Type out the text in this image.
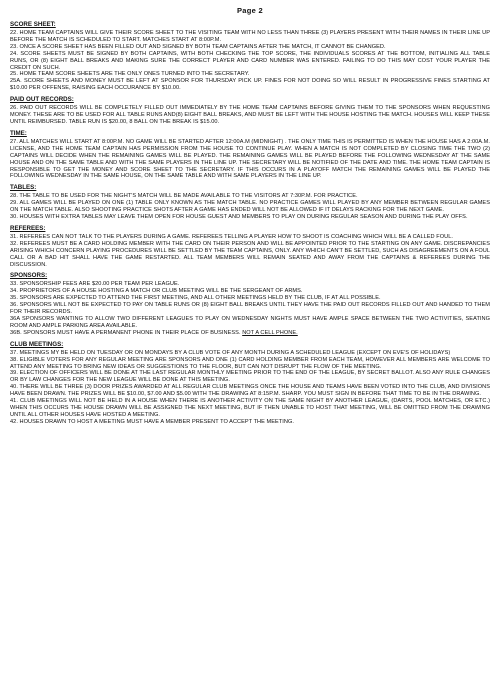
Page 2
SCORE SHEET:

22. HOME TEAM CAPTAINS WILL GIVE THEIR SCORE SHEET TO THE VISITING TEAM WITH NO LESS THAN THREE (3) PLAYERS PRESENT WITH THEIR NAMES IN THEIR LINE UP BEFORE THE MATCH IS SCHEDULED TO START. MATCHES START AT 8:00P.M.

23. ONCE A SCORE SHEET HAS BEEN FILLED OUT AND SIGNED BY BOTH TEAM CAPTAINS AFTER THE MATCH, IT CANNOT BE CHANGED.

24. SCORE SHEETS MUST BE SIGNED BY BOTH CAPTAINS, WITH BOTH CHECKING THE TOP SCORE, THE INDIVIDUALS SCORES AT THE BOTTOM, INITIALING ALL TABLE RUNS, OR (8) EIGHT BALL BREAKS AND MAKING SURE THE CORRECT PLAYER AND CARD NUMBER WAS ENTERED. FAILING TO DO THIS MAY COST YOUR PLAYER THE CREDIT ON SUCH.

25. HOME TEAM SCORE SHEETS ARE THE ONLY ONES TURNED INTO THE SECRETARY.

25A. SCORE SHEETS AND MONEY MUST BE LEFT AT SPONSOR FOR THURSDAY PICK UP. FINES FOR NOT DOING SO WILL RESULT IN PROGRESSIVE FINES STARTING AT $10.00 PER OFFENSE, RAISING EACH OCCURANCE BY $10.00.

PAID OUT RECORDS:

26. PAID OUT RECORDS WILL BE COMPLETELY FILLED OUT IMMEDIATELY BY THE HOME TEAM CAPTAINS BEFORE GIVING THEM TO THE SPONSORS WHEN REQUESTING MONEY. THESE ARE TO BE USED FOR ALL TABLE RUNS AND(8) EIGHT BALL BREAKS, AND MUST BE LEFT WITH THE HOUSE HOSTING THE MATCH. HOUSES WILL KEEP THESE UNTIL REIMBURSED. TABLE RUN IS $20.00, 8 BALL ON THE BREAK IS $15.00.

TIME:

27. ALL MATCHES WILL START AT 8:00P.M. NO GAME WILL BE STARTED AFTER 12:00A.M (MIDNIGHT) . THE ONLY TIME THIS IS PERMITTED IS WHEN THE HOUSE HAS A 2:00A.M. LICENSE, AND THE HOME TEAM CAPTAIN HAS PERMISSION FROM THE HOUSE TO CONTINUE PLAY. WHEN A MATCH IS NOT COMPLETED BY CLOSING TIME THE TWO (2) CAPTAINS WILL DECIDE WHEN THE REMAINING GAMES WILL BE PLAYED. THE REMAINING GAMES WILL BE PLAYED BEFORE THE FOLLOWING WEDNESDAY AT THE SAME HOUSE AND ON THE SAME TABLE AND WITH THE SAME PLAYERS IN THE LINE UP. THE SECRETARY WILL BE NOTIFIED OF THE DATE AND TIME. THE HOME TEAM CAPTAIN IS RESPONSIBLE TO GET THE MONEY AND SCORE SHEET TO THE SECRETARY. IF THIS OCCURS IN A PLAYOFF MATCH THE REMAINING GAMES WILL BE PLAYED THE FOLLOWING WEDNESDAY IN THE SAME HOUSE, ON THE SAME TABLE AND WITH SAME PLAYERS IN THE LINE UP.

TABLES:

28. THE TABLE TO BE USED FOR THE NIGHT'S MATCH WILL BE MADE AVAILABLE TO THE VISITORS AT 7:30P.M. FOR PRACTICE.

29. ALL GAMES WILL BE PLAYED ON ONE (1) TABLE ONLY KNOWN AS THE MATCH TABLE. NO PRACTICE GAMES WILL PLAYED BY ANY MEMBER BETWEEN REGULAR GAMES ON THE MATCH TABLE. ALSO SHOOTING PRACTICE SHOTS AFTER A GAME HAS ENDED WILL NOT BE ALLOWED IF IT DELAYS RACKING FOR THE NEXT GAME.

30. HOUSES WITH EXTRA TABLES MAY LEAVE THEM OPEN FOR HOUSE GUEST AND MEMBERS TO PLAY ON DURING REGULAR SEASON AND DURING THE PLAY OFFS.

REFEREES:

31. REFEREES CAN NOT TALK TO THE PLAYERS DURING A GAME. REFEREES TELLING A PLAYER HOW TO SHOOT IS COACHING WHICH WILL BE A CALLED FOUL.

32. REFEREES MUST BE A CARD HOLDING MEMBER WITH THE CARD ON THEIR PERSON AND WILL BE APPOINTED PRIOR TO THE STARTING ON ANY GAME. DISCREPANCIES ARISING WHICH CONCERN PLAYING PROCEDURES WILL BE SETTLED BY THE TEAM CAPTAINS, ONLY. ANY WHICH CAN'T BE SETTLED, SUCH AS DISAGREEMENTS ON A FOUL CALL OR A BAD HIT SHALL HAVE THE GAME RESTARTED. ALL TEAM MEMBERS WILL REMAIN SEATED AND AWAY FROM THE CAPTAINS & REFEREES DURING THE DISCUSSION.

SPONSORS:

33. SPONSORSHIP FEES ARE $20.00 PER TEAM PER LEAGUE.

34. PROPRIETORS OF A HOUSE HOSTING A MATCH OR CLUB MEETING WILL BE THE SERGEANT OF ARMS.

35. SPONSORS ARE EXPECTED TO ATTEND THE FIRST MEETING, AND ALL OTHER MEETINGS HELD BY THE CLUB, IF AT ALL POSSIBLE.

36. SPONSORS WILL NOT BE EXPECTED TO PAY ON TABLE RUNS OR (8) EIGHT BALL BREAKS UNTIL THEY HAVE THE PAID OUT RECORDS FILLED OUT AND HANDED TO THEM FOR THEIR RECORDS.

36A SPONSORS WANTING TO ALLOW TWO DIFFERENT LEAGUES TO PLAY ON WEDNESDAY NIGHTS MUST HAVE AMPLE SPACE BETWEEN THE TWO ACTIVITIES, SEATING ROOM AND AMPLE PARKING AREA AVAILABLE.

36B. SPONSORS MUST HAVE A PERMANENT PHONE IN THEIR PLACE OF BUSINESS. NOT A CELL PHONE.

CLUB MEETINGS:

37. MEETINGS MY BE HELD ON TUESDAY OR ON MONDAYS BY A CLUB VOTE OF ANY MONTH DURING A SCHEDULED LEAGUE (EXCEPT ON EVE'S OF HOLIDAYS)

38. ELIGIBLE VOTERS FOR ANY REGULAR MEETING ARE SPONSORS AND ONE (1) CARD HOLDING MEMBER FROM EACH TEAM, HOWEVER ALL MEMBERS ARE WELCOME TO ATTEND ANY MEETING TO BRING NEW IDEAS OR SUGGESTIONS TO THE FLOOR, BUT CAN NOT DISRUPT THE FLOW OF THE MEETING.

39. ELECTION OF OFFICERS WILL BE DONE AT THE LAST REGULAR MONTHLY MEETING PRIOR TO THE END OF THE LEAGUE, BY SECRET BALLOT. ALSO ANY RULE CHANGES OR BY LAW CHANGES FOR THE NEW LEAGUE WILL BE DONE AT THIS MEETING.

40. THERE WILL BE THREE (3) DOOR PRIZES AWARDED AT ALL REGULAR CLUB MEETINGS ONCE THE HOUSE AND TEAMS HAVE BEEN VOTED INTO THE CLUB, AND DIVISIONS HAVE BEEN DRAWN. THE PRIZES WILL BE $10.00, $7.00 AND $5.00 WITH THE DRAWING AT 8:15P.M. SHARP. YOU MUST SIGN IN BEFORE THAT TIME TO BE IN THE DRAWING.

41. CLUB MEETINGS WILL NOT BE HELD IN A HOUSE WHEN THERE IS ANOTHER ACTIVITY ON THE SAME NIGHT BY ANOTHER LEAGUE, (DARTS, POOL MATCHES, OR ETC.) WHEN THIS OCCURS THE HOUSE DRAWN WILL BE ASSIGNED THE NEXT MEETING, BUT IF THEN UNABLE TO HOST THAT MEETING, WILL BE OMITTED FROM THE DRAWING UNTIL ALL OTHER HOUSES HAVE HOSTED A MEETING.

42. HOUSES DRAWN TO HOST A MEETING MUST HAVE A MEMBER PRESENT TO ACCEPT THE MEETING.
